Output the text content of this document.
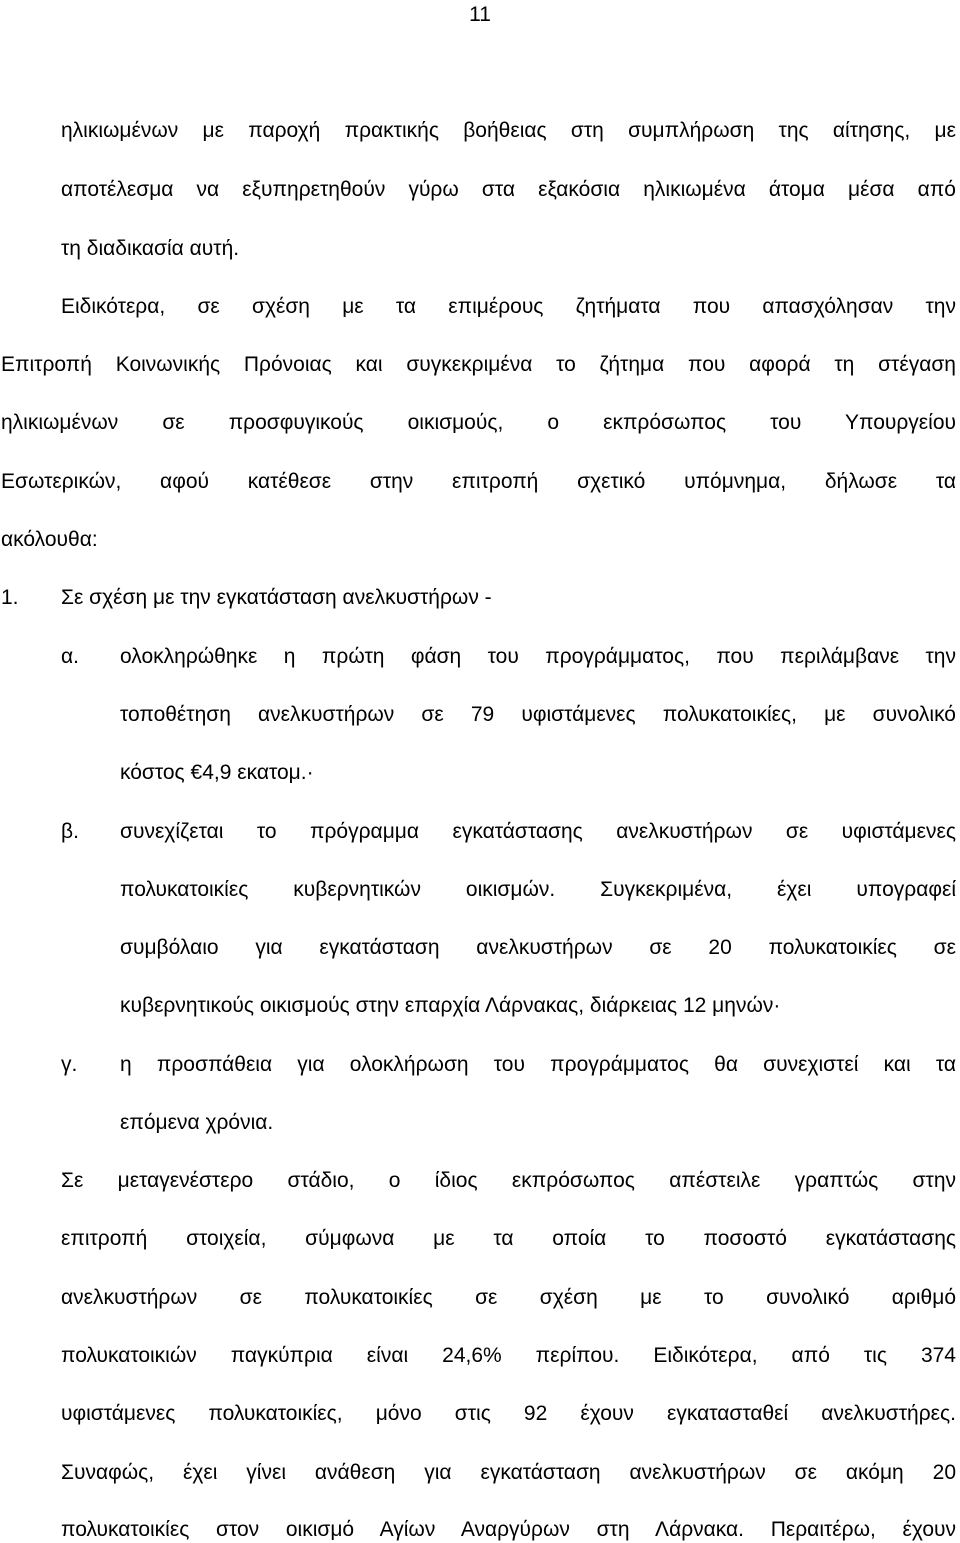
11
ηλικιωμένων με παροχή πρακτικής βοήθειας στη συμπλήρωση της αίτησης, με
αποτέλεσμα να εξυπηρετηθούν γύρω στα εξακόσια ηλικιωμένα άτομα μέσα από
τη διαδικασία αυτή.
Ειδικότερα, σε σχέση με τα επιμέρους ζητήματα που απασχόλησαν την
Επιτροπή Κοινωνικής Πρόνοιας και συγκεκριμένα το ζήτημα που αφορά τη στέγαση
ηλικιωμένων σε προσφυγικούς οικισμούς, ο εκπρόσωπος του Υπουργείου
Εσωτερικών, αφού κατέθεσε στην επιτροπή σχετικό υπόμνημα, δήλωσε τα
ακόλουθα:
1. Σε σχέση με την εγκατάσταση ανελκυστήρων -
α. ολοκληρώθηκε η πρώτη φάση του προγράμματος, που περιλάμβανε την
τοποθέτηση ανελκυστήρων σε 79 υφιστάμενες πολυκατοικίες, με συνολικό
κόστος €4,9 εκατομ.·
β. συνεχίζεται το πρόγραμμα εγκατάστασης ανελκυστήρων σε υφιστάμενες
πολυκατοικίες κυβερνητικών οικισμών. Συγκεκριμένα, έχει υπογραφεί
συμβόλαιο για εγκατάσταση ανελκυστήρων σε 20 πολυκατοικίες σε
κυβερνητικούς οικισμούς στην επαρχία Λάρνακας, διάρκειας 12 μηνών·
γ. η προσπάθεια για ολοκλήρωση του προγράμματος θα συνεχιστεί και τα
επόμενα χρόνια.
Σε μεταγενέστερο στάδιο, ο ίδιος εκπρόσωπος απέστειλε γραπτώς στην
επιτροπή στοιχεία, σύμφωνα με τα οποία το ποσοστό εγκατάστασης
ανελκυστήρων σε πολυκατοικίες σε σχέση με το συνολικό αριθμό
πολυκατοικιών παγκύπρια είναι 24,6% περίπου. Ειδικότερα, από τις 374
υφιστάμενες πολυκατοικίες, μόνο στις 92 έχουν εγκατασταθεί ανελκυστήρες.
Συναφώς, έχει γίνει ανάθεση για εγκατάσταση ανελκυστήρων σε ακόμη 20
πολυκατοικίες στον οικισμό Αγίων Αναργύρων στη Λάρνακα. Περαιτέρω, έχουν
